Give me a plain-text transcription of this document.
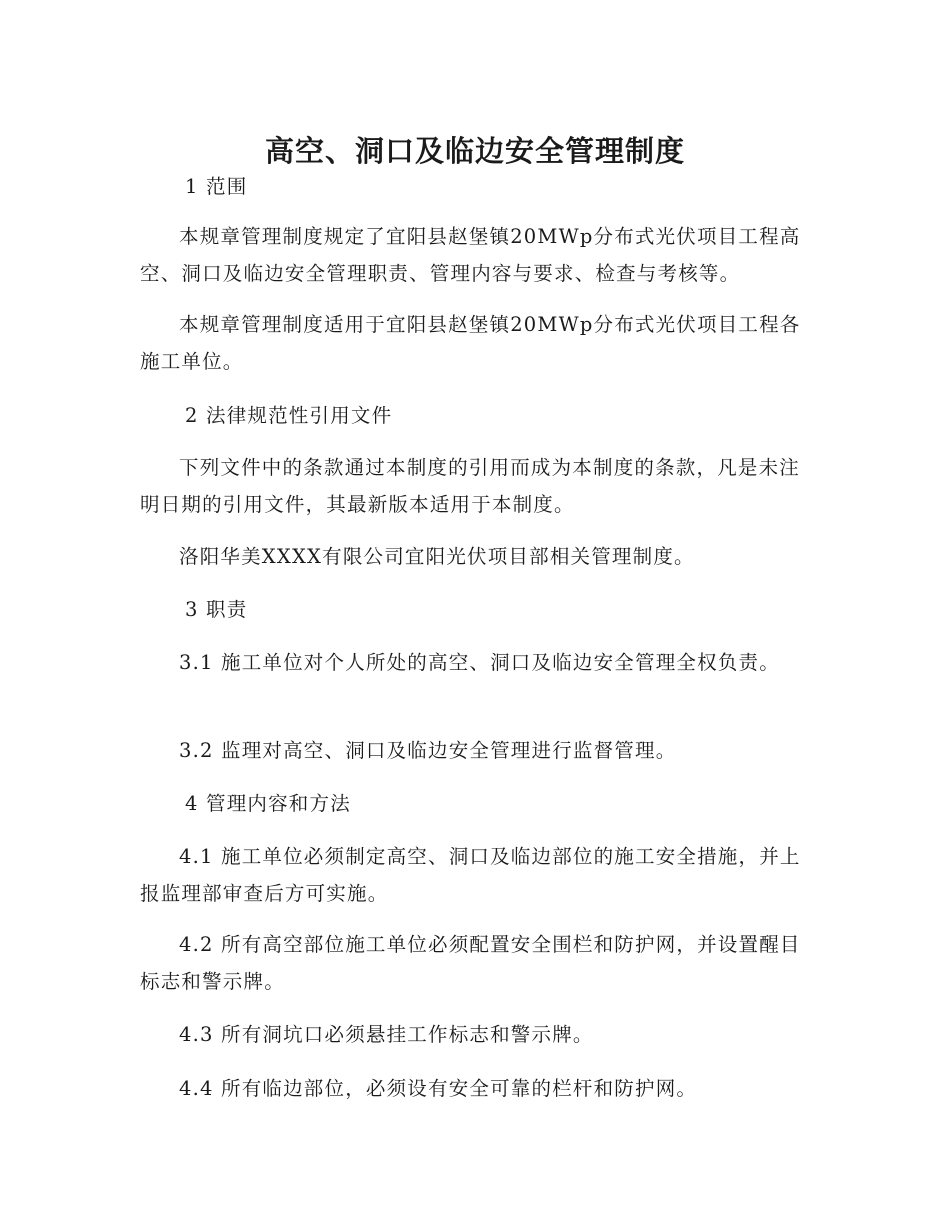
高空、洞口及临边安全管理制度

1 范围

本规章管理制度规定了宜阳县赵堡镇20MWp分布式光伏项目工程高空、洞口及临边安全管理职责、管理内容与要求、检查与考核等。

本规章管理制度适用于宜阳县赵堡镇20MWp分布式光伏项目工程各施工单位。

2 法律规范性引用文件

下列文件中的条款通过本制度的引用而成为本制度的条款，凡是未注明日期的引用文件，其最新版本适用于本制度。

洛阳华美XXXX有限公司宜阳光伏项目部相关管理制度。

3 职责

3.1 施工单位对个人所处的高空、洞口及临边安全管理全权负责。

3.2 监理对高空、洞口及临边安全管理进行监督管理。

4 管理内容和方法

4.1 施工单位必须制定高空、洞口及临边部位的施工安全措施，并上报监理部审查后方可实施。

4.2 所有高空部位施工单位必须配置安全围栏和防护网，并设置醒目标志和警示牌。

4.3 所有洞坑口必须悬挂工作标志和警示牌。

4.4 所有临边部位，必须设有安全可靠的栏杆和防护网。
